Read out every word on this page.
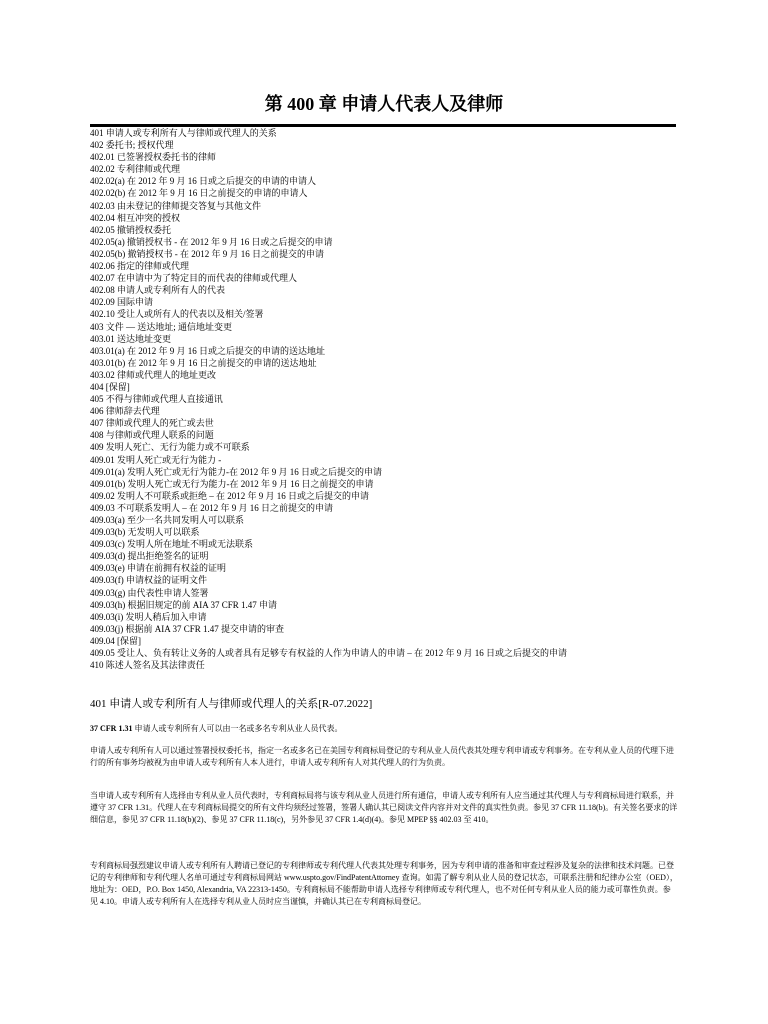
第 400 章 申请人代表人及律师
401 申请人或专利所有人与律师或代理人的关系
402 委托书; 授权代理
402.01 已签署授权委托书的律师
402.02 专利律师或代理
402.02(a) 在 2012 年 9 月 16 日或之后提交的申请的申请人
402.02(b) 在 2012 年 9 月 16 日之前提交的申请的申请人
402.03 由未登记的律师提交答复与其他文件
402.04 相互冲突的授权
402.05 撤销授权委托
402.05(a) 撤销授权书 - 在 2012 年 9 月 16 日或之后提交的申请
402.05(b) 撤销授权书 - 在 2012 年 9 月 16 日之前提交的申请
402.06 指定的律师或代理
402.07 在申请中为了特定目的而代表的律师或代理人
402.08 申请人或专利所有人的代表
402.09 国际申请
402.10 受让人或所有人的代表以及相关/签署
403 文件 — 送达地址; 通信地址变更
403.01 送达地址变更
403.01(a) 在 2012 年 9 月 16 日或之后提交的申请的送达地址
403.01(b) 在 2012 年 9 月 16 日之前提交的申请的送达地址
403.02 律师或代理人的地址更改
404 [保留]
405 不得与律师或代理人直接通讯
406 律师辞去代理
407 律师或代理人的死亡或去世
408 与律师或代理人联系的问题
409 发明人死亡、无行为能力或不可联系
409.01 发明人死亡或无行为能力 -
409.01(a) 发明人死亡或无行为能力-在 2012 年 9 月 16 日或之后提交的申请
409.01(b) 发明人死亡或无行为能力-在 2012 年 9 月 16 日之前提交的申请
409.02 发明人不可联系或拒绝 – 在 2012 年 9 月 16 日或之后提交的申请
409.03 不可联系发明人 – 在 2012 年 9 月 16 日之前提交的申请
409.03(a) 至少一名共同发明人可以联系
409.03(b) 无发明人可以联系
409.03(c) 发明人所在地址不明或无法联系
409.03(d) 提出拒绝签名的证明
409.03(e) 申请在前拥有权益的证明
409.03(f) 申请权益的证明文件
409.03(g) 由代表性申请人签署
409.03(h) 根据旧规定的前 AIA 37 CFR 1.47 申请
409.03(i) 发明人稍后加入申请
409.03(j) 根据前 AIA 37 CFR 1.47 提交申请的审查
409.04 [保留]
409.05 受让人、负有转让义务的人或者具有足够专有权益的人作为申请人的申请 – 在 2012 年 9 月 16 日或之后提交的申请
410 陈述人签名及其法律责任
401 申请人或专利所有人与律师或代理人的关系[R-07.2022]
37 CFR 1.31 申请人或专利所有人可以由一名或多名专利从业人员代表。
申请人或专利所有人可以通过签署授权委托书，指定一名或多名已在美国专利商标局登记的专利从业人员代表其处理专利申请或专利事务。在专利从业人员的代理下进行的所有事务均被视为由申请人或专利所有人本人进行，申请人或专利所有人对其代理人的行为负责。
当申请人或专利所有人选择由专利从业人员代表时，专利商标局将与该专利从业人员进行所有通信，申请人或专利所有人应当通过其代理人与专利商标局进行联系，并遵守 37 CFR 1.31。代理人在专利商标局提交的所有文件均须经过签署，签署人确认其已阅读文件内容并对文件的真实性负责。参见 37 CFR 11.18(b)。有关签名要求的详细信息，参见 37 CFR 11.18(b)(2)、参见 37 CFR 11.18(c)，另外参见 37 CFR 1.4(d)(4)。参见 MPEP §§ 402.03 至 410。
专利商标局强烈建议申请人或专利所有人聘请已登记的专利律师或专利代理人代表其处理专利事务，因为专利申请的准备和审查过程涉及复杂的法律和技术问题。已登记的专利律师和专利代理人名单可通过专利商标局网站 www.uspto.gov/FindPatentAttorney 查询。如需了解专利从业人员的登记状态，可联系注册和纪律办公室（OED），地址为：OED，P.O. Box 1450, Alexandria, VA 22313-1450。专利商标局不能帮助申请人选择专利律师或专利代理人，也不对任何专利从业人员的能力或可靠性负责。参见 4.10。申请人或专利所有人在选择专利从业人员时应当谨慎，并确认其已在专利商标局登记。
